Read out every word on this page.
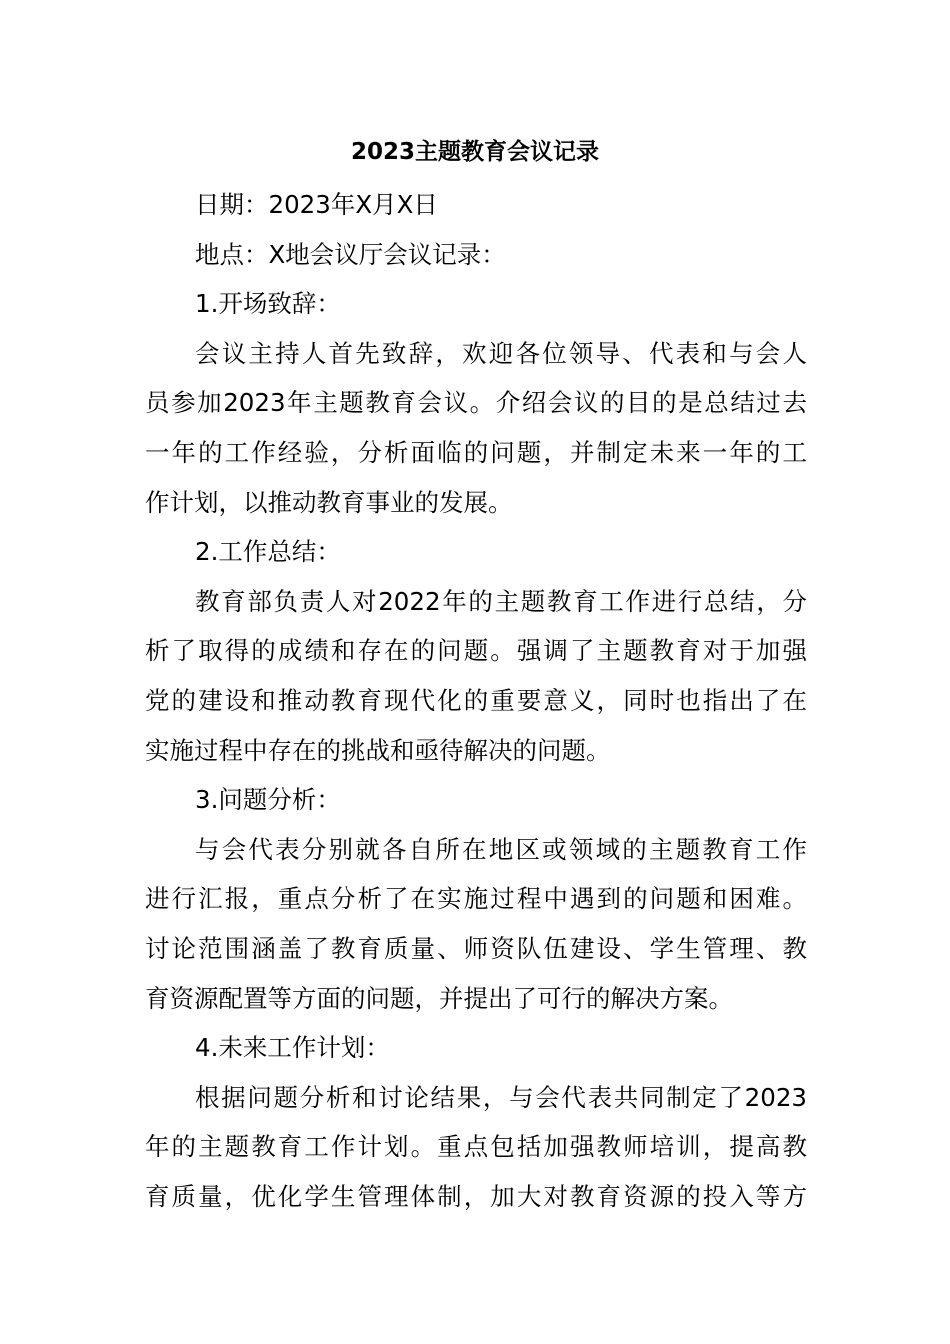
2023主题教育会议记录

日期：2023年X月X日

地点：X地会议厅会议记录：

1.开场致辞：

会议主持人首先致辞，欢迎各位领导、代表和与会人

员参加2023年主题教育会议。介绍会议的目的是总结过去

一年的工作经验，分析面临的问题，并制定未来一年的工

作计划，以推动教育事业的发展。

2.工作总结：

教育部负责人对2022年的主题教育工作进行总结，分

析了取得的成绩和存在的问题。强调了主题教育对于加强

党的建设和推动教育现代化的重要意义，同时也指出了在

实施过程中存在的挑战和亟待解决的问题。

3.问题分析：

与会代表分别就各自所在地区或领域的主题教育工作

进行汇报，重点分析了在实施过程中遇到的问题和困难。

讨论范围涵盖了教育质量、师资队伍建设、学生管理、教

育资源配置等方面的问题，并提出了可行的解决方案。

4.未来工作计划：

根据问题分析和讨论结果，与会代表共同制定了2023

年的主题教育工作计划。重点包括加强教师培训，提高教

育质量，优化学生管理体制，加大对教育资源的投入等方
